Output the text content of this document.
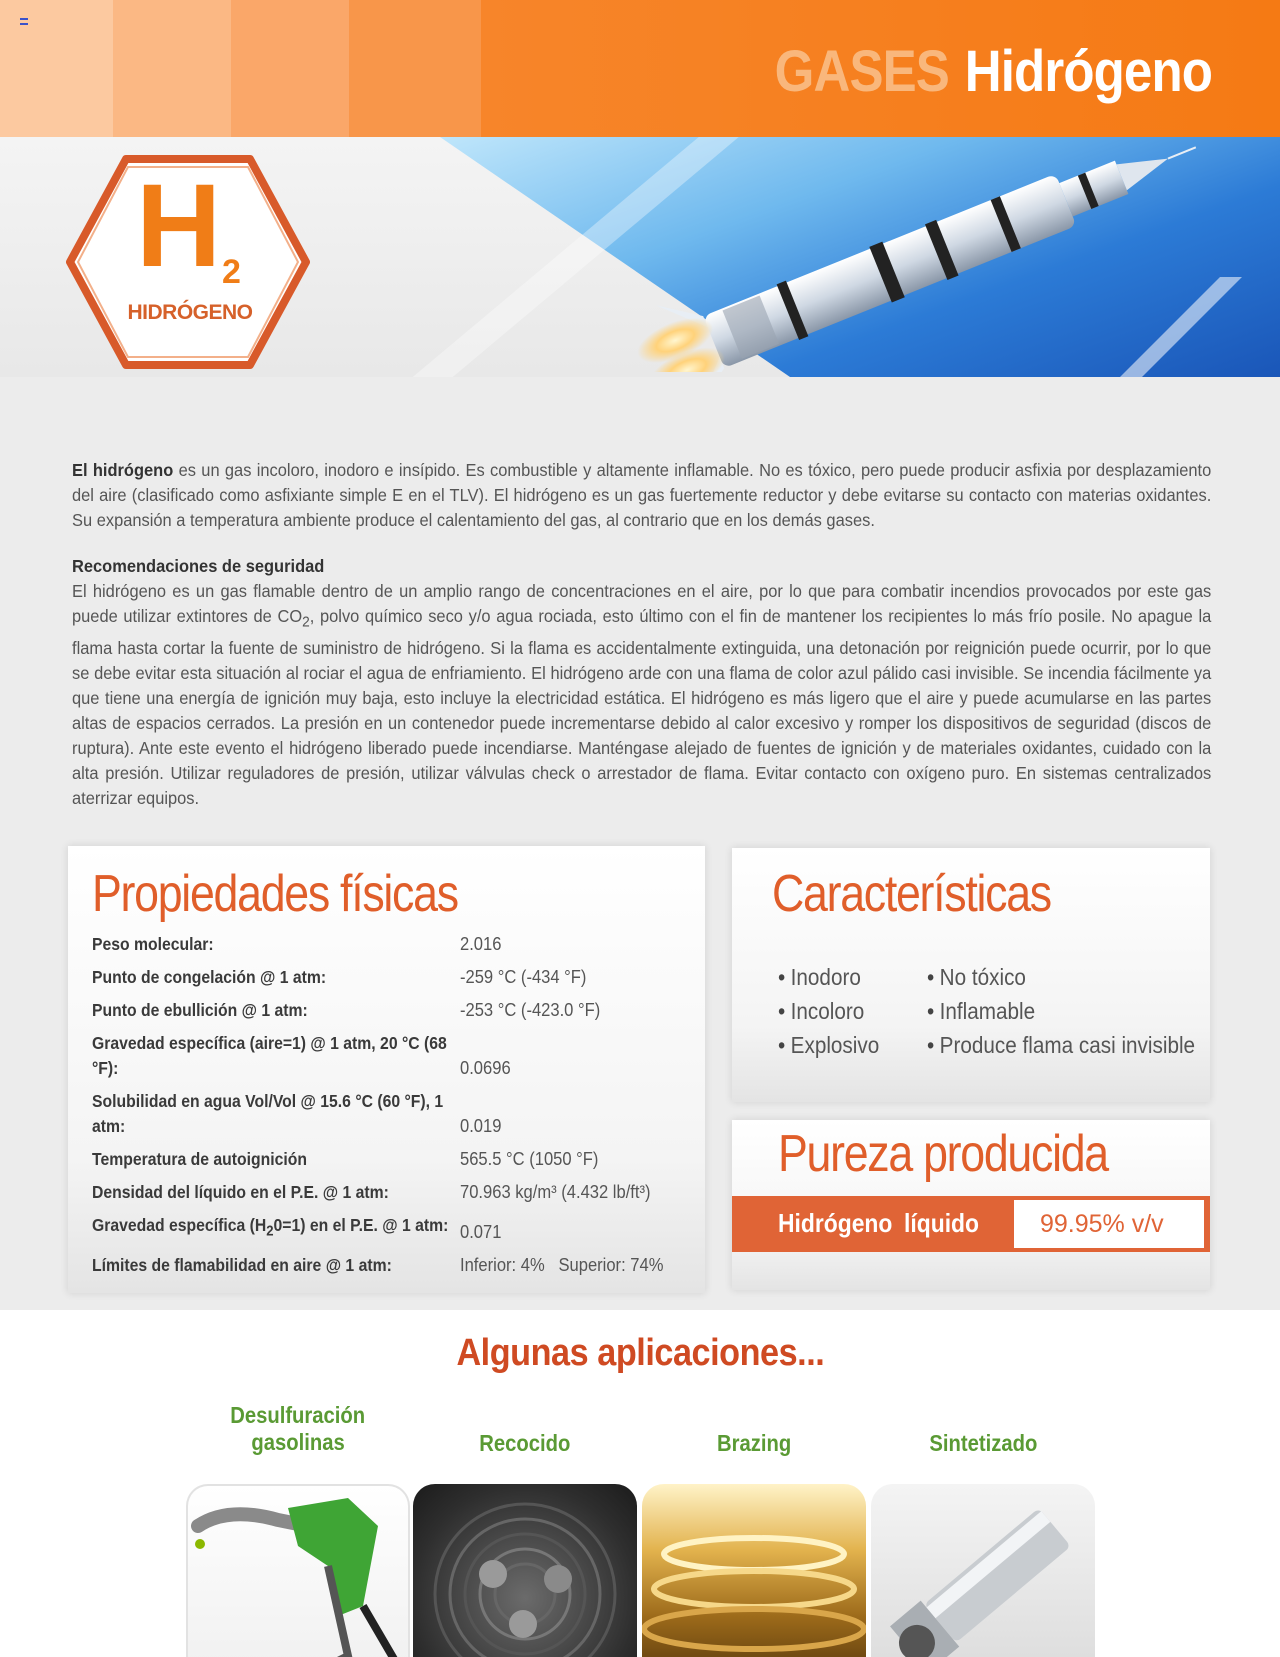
GASES Hidrógeno
H 2
HIDRÓGENO

El hidrógeno es un gas incoloro, inodoro e insípido. Es combustible y altamente inflamable. No es tóxico, pero puede producir asfixia por desplazamiento del aire (clasificado como asfixiante simple E en el TLV). El hidrógeno es un gas fuertemente reductor y debe evitarse su contacto con materias oxidantes. Su expansión a temperatura ambiente produce el calentamiento del gas, al contrario que en los demás gases.

Recomendaciones de seguridad

El hidrógeno es un gas flamable dentro de un amplio rango de concentraciones en el aire, por lo que para combatir incendios provocados por este gas puede utilizar extintores de $CO_2$, polvo químico seco y/o agua rociada, esto último con el fin de mantener los recipientes lo más frío posile. No apague la flama hasta cortar la fuente de suministro de hidrógeno. Si la flama es accidentalmente extinguida, una detonación por reignición puede ocurrir, por lo que se debe evitar esta situación al rociar el agua de enfriamiento. El hidrógeno arde con una flama de color azul pálido casi invisible. Se incendia fácilmente ya que tiene una energía de ignición muy baja, esto incluye la electricidad estática. El hidrógeno es más ligero que el aire y puede acumularse en las partes altas de espacios cerrados. La presión en un contenedor puede incrementarse debido al calor excesivo y romper los dispositivos de seguridad (discos de ruptura). Ante este evento el hidrógeno liberado puede incendiarse. Manténgase alejado de fuentes de ignición y de materiales oxidantes, cuidado con la alta presión. Utilizar reguladores de presión, utilizar válvulas check o arrestador de flama. Evitar contacto con oxígeno puro. En sistemas centralizados aterrizar equipos.

Propiedades físicas
Peso molecular:	2.016
Punto de congelación @ 1 atm:	-259 °C (-434 °F)
Punto de ebullición @ 1 atm:	-253 °C (-423.0 °F)
Gravedad específica (aire=1) @ 1 atm, 20 °C (68 °F):	0.0696
Solubilidad en agua Vol/Vol @ 15.6 °C (60 °F), 1 atm:	0.019
Temperatura de autoignición	565.5 °C (1050 °F)
Densidad del líquido en el P.E. @ 1 atm:	70.963 kg/m³ (4.432 lb/ft³)
Gravedad específica $(H_20=1)$ en el P.E. @ 1 atm: 0.071
Límites de flamabilidad en aire @ 1 atm:	Inferior: 4%   Superior: 74%
Características
• Inodoro
• Incoloro
• Explosivo
• No tóxico
• Inflamable
• Produce flama casi invisible
Pureza producida
Hidrógeno líquido	99.95% v/v
Algunas aplicaciones...
Desulfuración
gasolinas	Recocido	Brazing	Sintetizado
